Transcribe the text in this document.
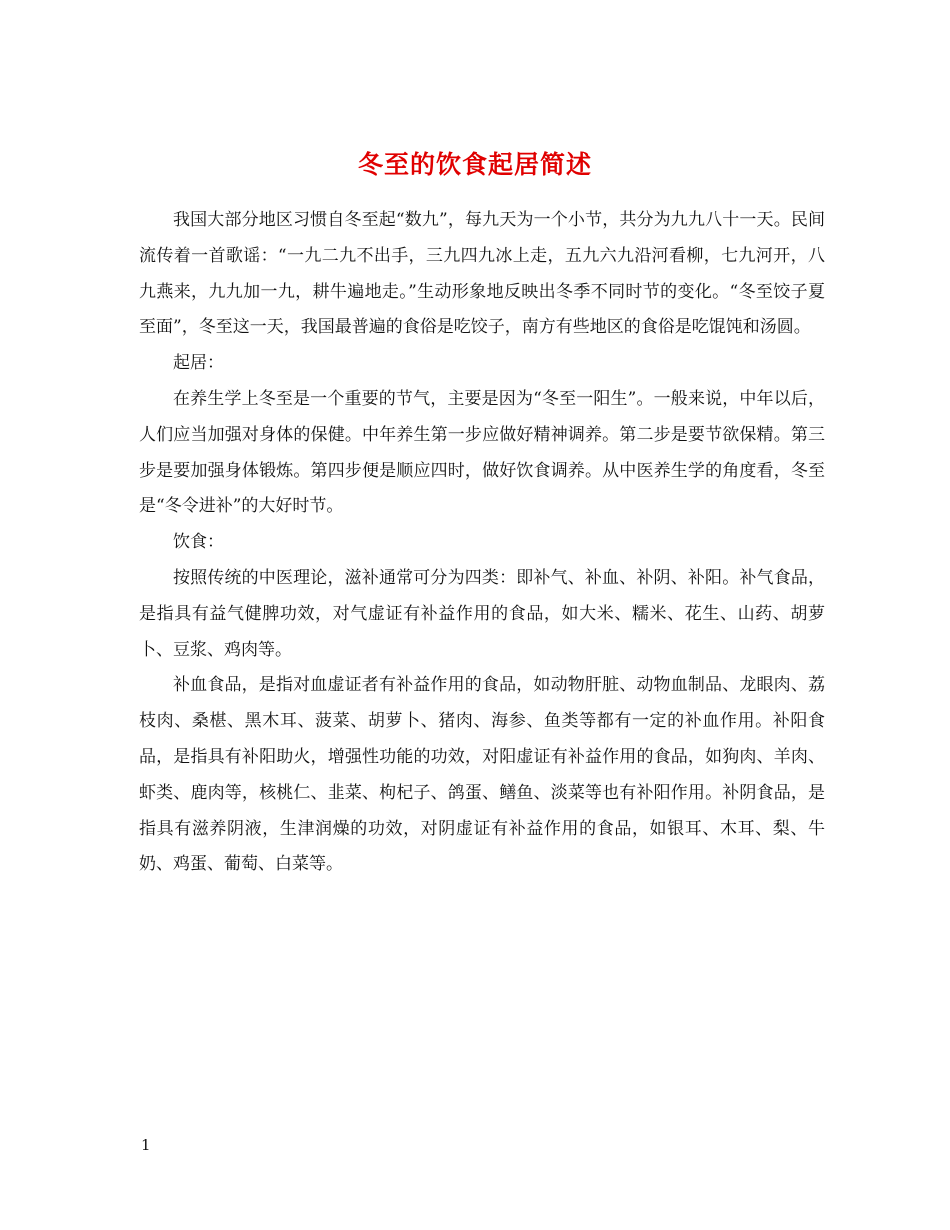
冬至的饮食起居简述

我国大部分地区习惯自冬至起“数九”，每九天为一个小节，共分为九九八十一天。民间流传着一首歌谣：“一九二九不出手，三九四九冰上走，五九六九沿河看柳，七九河开，八九燕来，九九加一九，耕牛遍地走。”生动形象地反映出冬季不同时节的变化。“冬至饺子夏至面”，冬至这一天，我国最普遍的食俗是吃饺子，南方有些地区的食俗是吃馄饨和汤圆。

起居：

在养生学上冬至是一个重要的节气，主要是因为“冬至一阳生”。一般来说，中年以后，人们应当加强对身体的保健。中年养生第一步应做好精神调养。第二步是要节欲保精。第三步是要加强身体锻炼。第四步便是顺应四时，做好饮食调养。从中医养生学的角度看，冬至是“冬令进补”的大好时节。

饮食：

按照传统的中医理论，滋补通常可分为四类：即补气、补血、补阴、补阳。补气食品，是指具有益气健脾功效，对气虚证有补益作用的食品，如大米、糯米、花生、山药、胡萝卜、豆浆、鸡肉等。

补血食品，是指对血虚证者有补益作用的食品，如动物肝脏、动物血制品、龙眼肉、荔枝肉、桑椹、黑木耳、菠菜、胡萝卜、猪肉、海参、鱼类等都有一定的补血作用。补阳食品，是指具有补阳助火，增强性功能的功效，对阳虚证有补益作用的食品，如狗肉、羊肉、虾类、鹿肉等，核桃仁、韭菜、枸杞子、鸽蛋、鳝鱼、淡菜等也有补阳作用。补阴食品，是指具有滋养阴液，生津润燥的功效，对阴虚证有补益作用的食品，如银耳、木耳、梨、牛奶、鸡蛋、葡萄、白菜等。

1
